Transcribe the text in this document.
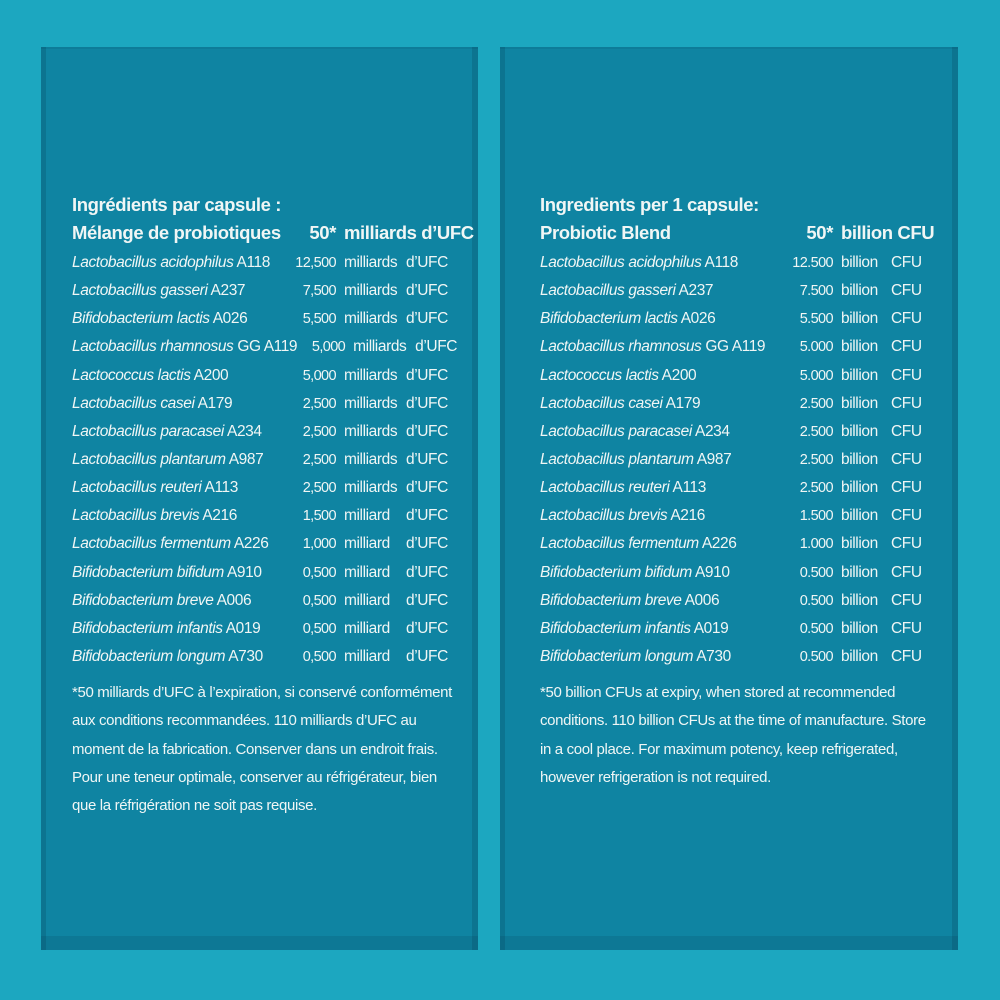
Ingrédients par capsule :
Mélange de probiotiques	50* milliards d’UFC
Lactobacillus acidophilus A118	12,500 milliards d’UFC
Lactobacillus gasseri A237	7,500 milliards d’UFC
Bifidobacterium lactis A026	5,500 milliards d’UFC
Lactobacillus rhamnosus GG A119	5,000 milliards d’UFC
Lactococcus lactis A200	5,000 milliards d’UFC
Lactobacillus casei A179	2,500 milliards d’UFC
Lactobacillus paracasei A234	2,500 milliards d’UFC
Lactobacillus plantarum A987	2,500 milliards d’UFC
Lactobacillus reuteri A113	2,500 milliards d’UFC
Lactobacillus brevis A216	1,500 milliard d’UFC
Lactobacillus fermentum A226	1,000 milliard d’UFC
Bifidobacterium bifidum A910	0,500 milliard d’UFC
Bifidobacterium breve A006	0,500 milliard d’UFC
Bifidobacterium infantis A019	0,500 milliard d’UFC
Bifidobacterium longum A730	0,500 milliard d’UFC
*50 milliards d’UFC à l’expiration, si conservé conformément
aux conditions recommandées. 110 milliards d’UFC au
moment de la fabrication. Conserver dans un endroit frais.
Pour une teneur optimale, conserver au réfrigérateur, bien
que la réfrigération ne soit pas requise.
Ingredients per 1 capsule:
Probiotic Blend	50* billion CFU
Lactobacillus acidophilus A118	12.500 billion CFU
Lactobacillus gasseri A237	7.500 billion CFU
Bifidobacterium lactis A026	5.500 billion CFU
Lactobacillus rhamnosus GG A119	5.000 billion CFU
Lactococcus lactis A200	5.000 billion CFU
Lactobacillus casei A179	2.500 billion CFU
Lactobacillus paracasei A234	2.500 billion CFU
Lactobacillus plantarum A987	2.500 billion CFU
Lactobacillus reuteri A113	2.500 billion CFU
Lactobacillus brevis A216	1.500 billion CFU
Lactobacillus fermentum A226	1.000 billion CFU
Bifidobacterium bifidum A910	0.500 billion CFU
Bifidobacterium breve A006	0.500 billion CFU
Bifidobacterium infantis A019	0.500 billion CFU
Bifidobacterium longum A730	0.500 billion CFU
*50 billion CFUs at expiry, when stored at recommended
conditions. 110 billion CFUs at the time of manufacture. Store
in a cool place. For maximum potency, keep refrigerated,
however refrigeration is not required.
